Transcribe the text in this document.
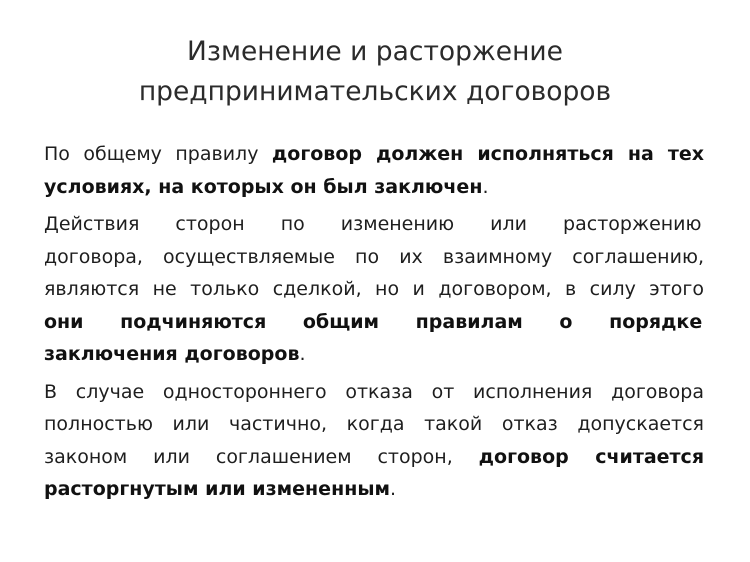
Изменение и расторжение
предпринимательских договоров
По общему правилу договор должен исполняться на тех
условиях, на которых он был заключен.
Действия сторон по изменению или расторжению
договора, осуществляемые по их взаимному соглашению,
являются не только сделкой, но и договором, в силу этого
они подчиняются общим правилам о порядке
заключения договоров.
В случае одностороннего отказа от исполнения договора
полностью или частично, когда такой отказ допускается
законом или соглашением сторон, договор считается
расторгнутым или измененным.
